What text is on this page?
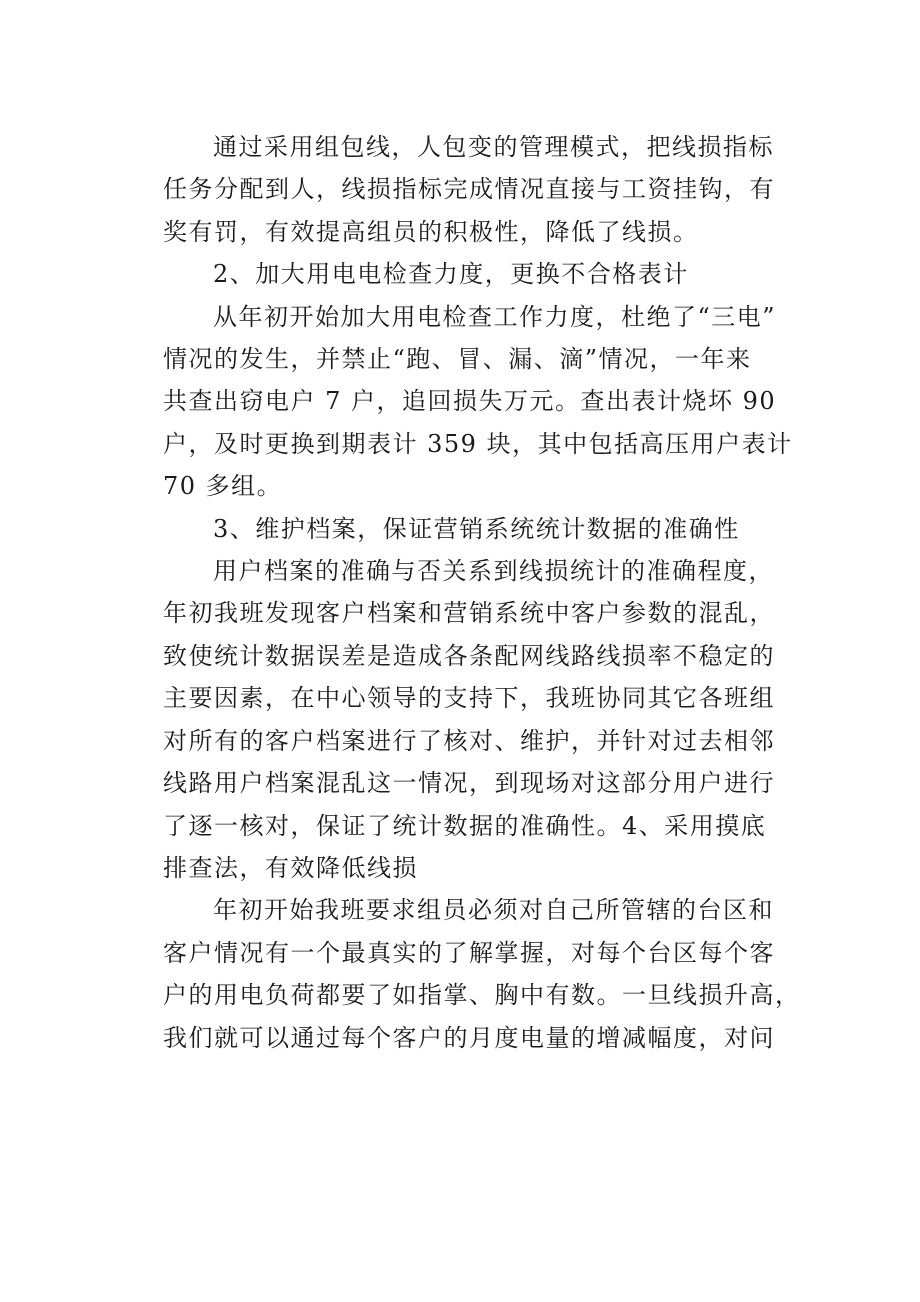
通过采用组包线，人包变的管理模式，把线损指标
任务分配到人，线损指标完成情况直接与工资挂钩，有
奖有罚，有效提高组员的积极性，降低了线损。

2、加大用电电检查力度，更换不合格表计

从年初开始加大用电检查工作力度，杜绝了“三电”
情况的发生，并禁止“跑、冒、漏、滴”情况，一年来
共查出窃电户 7 户，追回损失万元。查出表计烧坏 90
户，及时更换到期表计 359 块，其中包括高压用户表计
70 多组。

3、维护档案，保证营销系统统计数据的准确性

用户档案的准确与否关系到线损统计的准确程度，
年初我班发现客户档案和营销系统中客户参数的混乱，
致使统计数据误差是造成各条配网线路线损率不稳定的
主要因素，在中心领导的支持下，我班协同其它各班组
对所有的客户档案进行了核对、维护，并针对过去相邻
线路用户档案混乱这一情况，到现场对这部分用户进行
了逐一核对，保证了统计数据的准确性。4、采用摸底
排查法，有效降低线损

年初开始我班要求组员必须对自己所管辖的台区和
客户情况有一个最真实的了解掌握，对每个台区每个客
户的用电负荷都要了如指掌、胸中有数。一旦线损升高，
我们就可以通过每个客户的月度电量的增减幅度，对问
